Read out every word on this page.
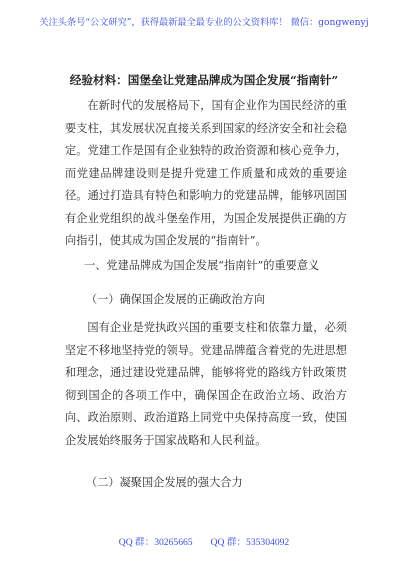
关注头条号“公文研究”，获得最新最全最专业的公文资料库！ 微信：gongwenyj
经验材料：国堡垒让党建品牌成为国企发展“指南针”

在新时代的发展格局下，国有企业作为国民经济的重要支柱，其发展状况直接关系到国家的经济安全和社会稳定。党建工作是国有企业独特的政治资源和核心竞争力，而党建品牌建设则是提升党建工作质量和成效的重要途径。通过打造具有特色和影响力的党建品牌，能够巩固国有企业党组织的战斗堡垒作用，为国企发展提供正确的方向指引，使其成为国企发展的“指南针”。

一、党建品牌成为国企发展“指南针”的重要意义
（一）确保国企发展的正确政治方向

国有企业是党执政兴国的重要支柱和依靠力量，必须坚定不移地坚持党的领导。党建品牌蕴含着党的先进思想和理念，通过建设党建品牌，能够将党的路线方针政策贯彻到国企的各项工作中，确保国企在政治立场、政治方向、政治原则、政治道路上同党中央保持高度一致，使国企发展始终服务于国家战略和人民利益。

（二）凝聚国企发展的强大合力
QQ 群：30265665 QQ 群：535304092
